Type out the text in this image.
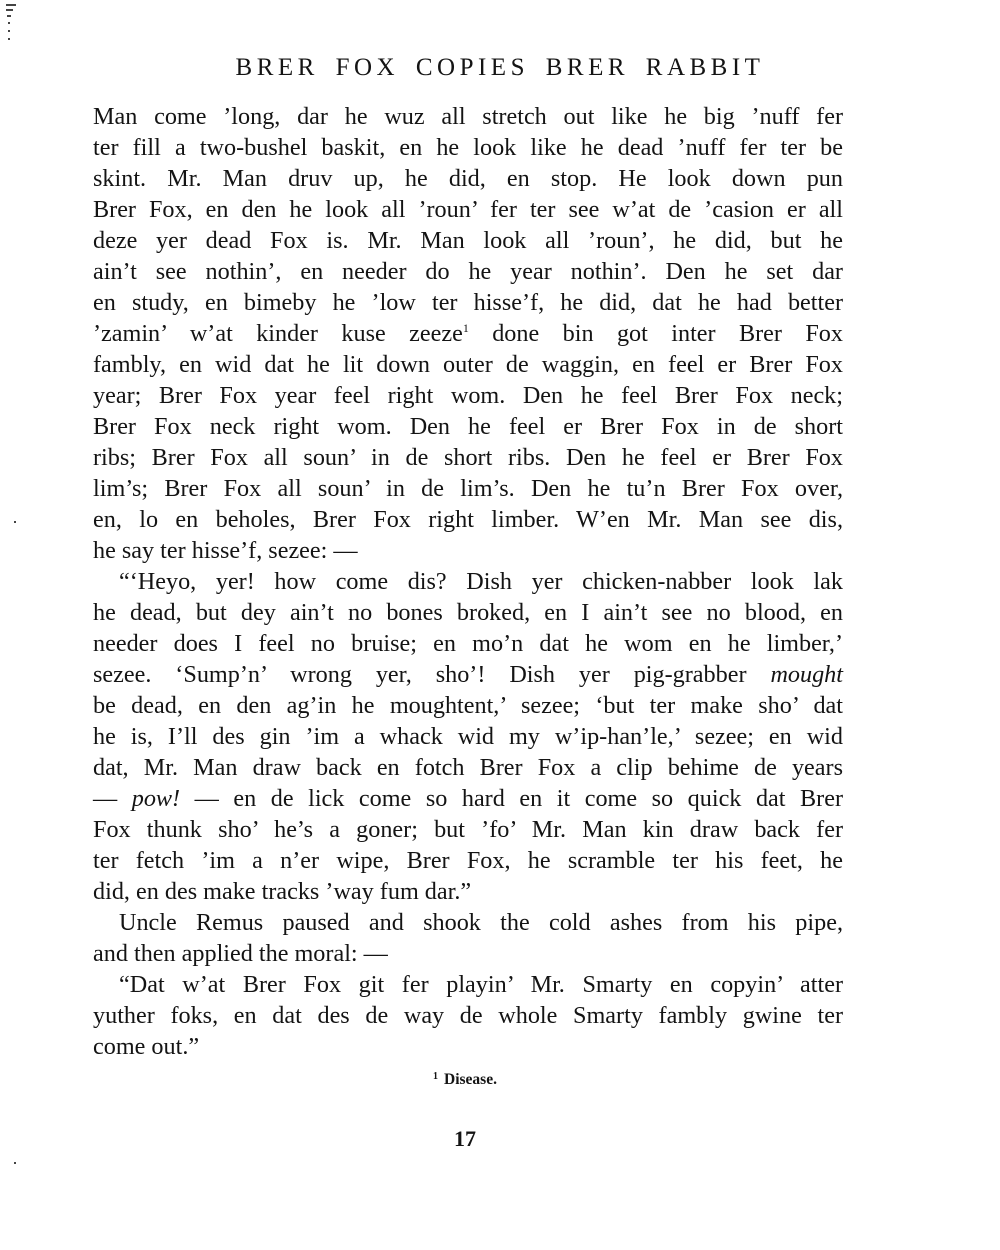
BRER FOX COPIES BRER RABBIT

Man come ’long, dar he wuz all stretch out like he big ’nuff fer
ter fill a two-bushel baskit, en he look like he dead ’nuff fer ter be
skint. Mr. Man druv up, he did, en stop. He look down pun
Brer Fox, en den he look all ’roun’ fer ter see w’at de ’casion er all
deze yer dead Fox is. Mr. Man look all ’roun’, he did, but he
ain’t see nothin’, en needer do he year nothin’. Den he set dar
en study, en bimeby he ’low ter hisse’f, he did, dat he had better
’zamin’ w’at kinder kuse zeeze$^1$ done bin got inter Brer Fox
fambly, en wid dat he lit down outer de waggin, en feel er Brer Fox
year; Brer Fox year feel right wom. Den he feel Brer Fox neck;
Brer Fox neck right wom. Den he feel er Brer Fox in de short
ribs; Brer Fox all soun’ in de short ribs. Den he feel er Brer Fox
lim’s; Brer Fox all soun’ in de lim’s. Den he tu’n Brer Fox over,
en, lo en beholes, Brer Fox right limber. W’en Mr. Man see dis,
he say ter hisse’f, sezee: —

“‘Heyo, yer! how come dis? Dish yer chicken-nabber look lak
he dead, but dey ain’t no bones broked, en I ain’t see no blood, en
needer does I feel no bruise; en mo’n dat he wom en he limber,’
sezee. ‘Sump’n’ wrong yer, sho’! Dish yer pig-grabber mought
be dead, en den ag’in he moughtent,’ sezee; ‘but ter make sho’ dat
he is, I’ll des gin ’im a whack wid my w’ip-han’le,’ sezee; en wid
dat, Mr. Man draw back en fotch Brer Fox a clip behime de years
— pow! — en de lick come so hard en it come so quick dat Brer
Fox thunk sho’ he’s a goner; but ’fo’ Mr. Man kin draw back fer
ter fetch ’im a n’er wipe, Brer Fox, he scramble ter his feet, he
did, en des make tracks ’way fum dar.”

Uncle Remus paused and shook the cold ashes from his pipe,
and then applied the moral: —

“Dat w’at Brer Fox git fer playin’ Mr. Smarty en copyin’ atter
yuther foks, en dat des de way de whole Smarty fambly gwine ter
come out.”

$^1$ Disease.
17
